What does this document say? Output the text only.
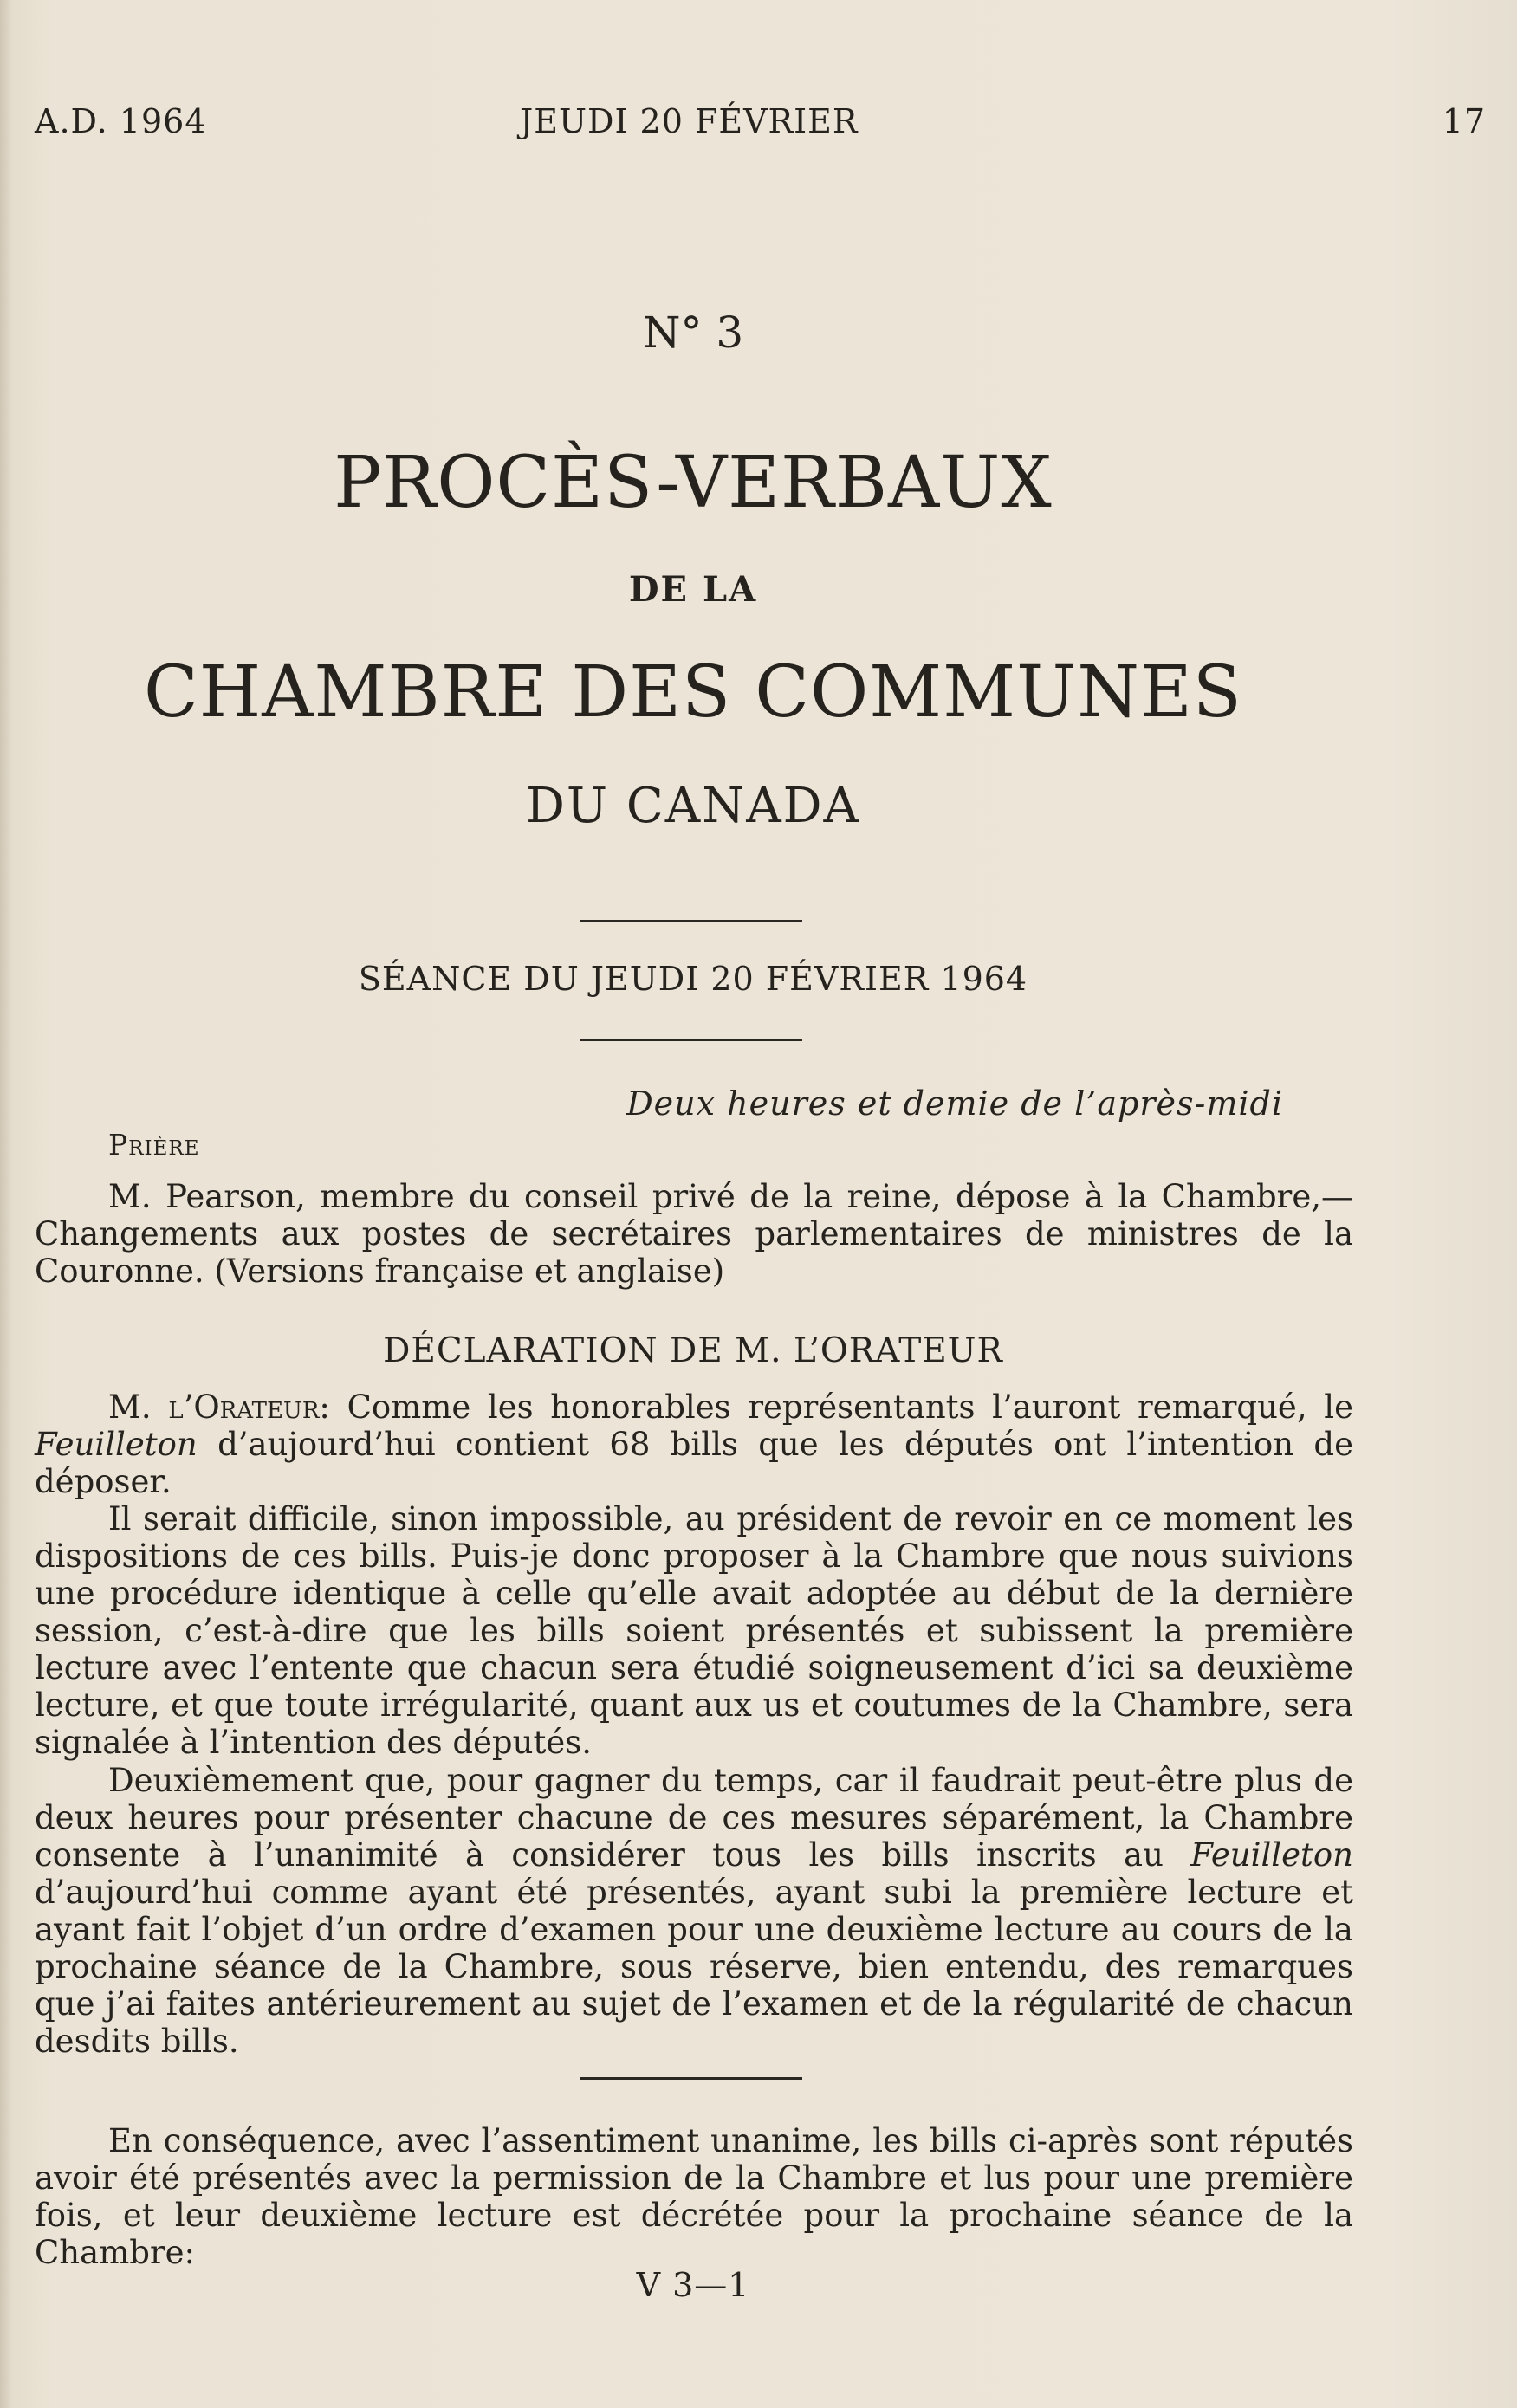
A.D. 1964	JEUDI 20 FÉVRIER	17
N° 3
PROCÈS-VERBAUX
DE LA
CHAMBRE DES COMMUNES
DU CANADA
SÉANCE DU JEUDI 20 FÉVRIER 1964
Deux heures et demie de l’après-midi
Prière
M. Pearson, membre du conseil privé de la reine, dépose à la Chambre,— Changements aux postes de secrétaires parlementaires de ministres de la Couronne. (Versions française et anglaise)
DÉCLARATION DE M. L’ORATEUR
M. l’Orateur: Comme les honorables représentants l’auront remarqué, le Feuilleton d’aujourd’hui contient 68 bills que les députés ont l’intention de déposer.
Il serait difficile, sinon impossible, au président de revoir en ce moment les dispositions de ces bills. Puis-je donc proposer à la Chambre que nous suivions une procédure identique à celle qu’elle avait adoptée au début de la dernière session, c’est-à-dire que les bills soient présentés et subissent la première lecture avec l’entente que chacun sera étudié soigneusement d’ici sa deuxième lecture, et que toute irrégularité, quant aux us et coutumes de la Chambre, sera signalée à l’intention des députés.
Deuxièmement que, pour gagner du temps, car il faudrait peut-être plus de deux heures pour présenter chacune de ces mesures séparément, la Chambre consente à l’unanimité à considérer tous les bills inscrits au Feuilleton d’aujourd’hui comme ayant été présentés, ayant subi la première lecture et ayant fait l’objet d’un ordre d’examen pour une deuxième lecture au cours de la prochaine séance de la Chambre, sous réserve, bien entendu, des remarques que j’ai faites antérieurement au sujet de l’examen et de la régularité de chacun desdits bills.
En conséquence, avec l’assentiment unanime, les bills ci-après sont réputés avoir été présentés avec la permission de la Chambre et lus pour une première fois, et leur deuxième lecture est décrétée pour la prochaine séance de la Chambre:
V 3—1
